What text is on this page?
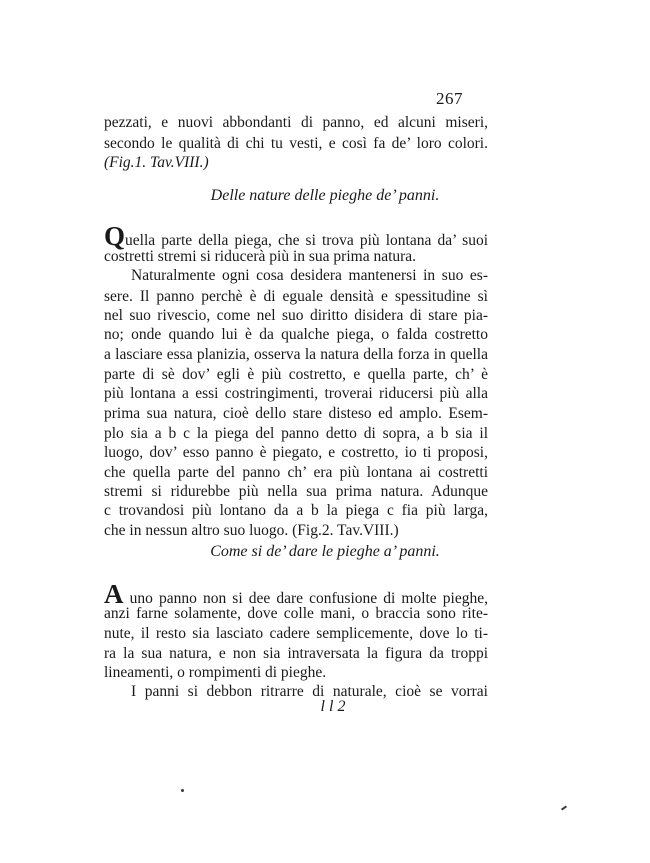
267
pezzati, e nuovi abbondanti di panno, ed alcuni miseri,
secondo le qualità di chi tu vesti, e così fa de’ loro colori.
(Fig.1. Tav.VIII.)
Delle nature delle pieghe de’ panni.
Quella parte della piega, che si trova più lontana da’ suoi
costretti stremi si riducerà più in sua prima natura.
Naturalmente ogni cosa desidera mantenersi in suo es-
sere. Il panno perchè è di eguale densità e spessitudine sì
nel suo rivescio, come nel suo diritto disidera di stare pia-
no; onde quando lui è da qualche piega, o falda costretto
a lasciare essa planizia, osserva la natura della forza in quella
parte di sè dov’ egli è più costretto, e quella parte, ch’ è
più lontana a essi costringimenti, troverai riducersi più alla
prima sua natura, cioè dello stare disteso ed amplo. Esem-
plo sia a b c la piega del panno detto di sopra, a b sia il
luogo, dov’ esso panno è piegato, e costretto, io ti proposi,
che quella parte del panno ch’ era più lontana ai costretti
stremi si ridurebbe più nella sua prima natura. Adunque
c trovandosi più lontano da a b la piega c fia più larga,
che in nessun altro suo luogo. (Fig.2. Tav.VIII.)
Come si de’ dare le pieghe a’ panni.
A uno panno non si dee dare confusione di molte pieghe,
anzi farne solamente, dove colle mani, o braccia sono rite-
nute, il resto sia lasciato cadere semplicemente, dove lo ti-
ra la sua natura, e non sia intraversata la figura da troppi
lineamenti, o rompimenti di pieghe.
I panni si debbon ritrarre di naturale, cioè se vorrai
l l 2
